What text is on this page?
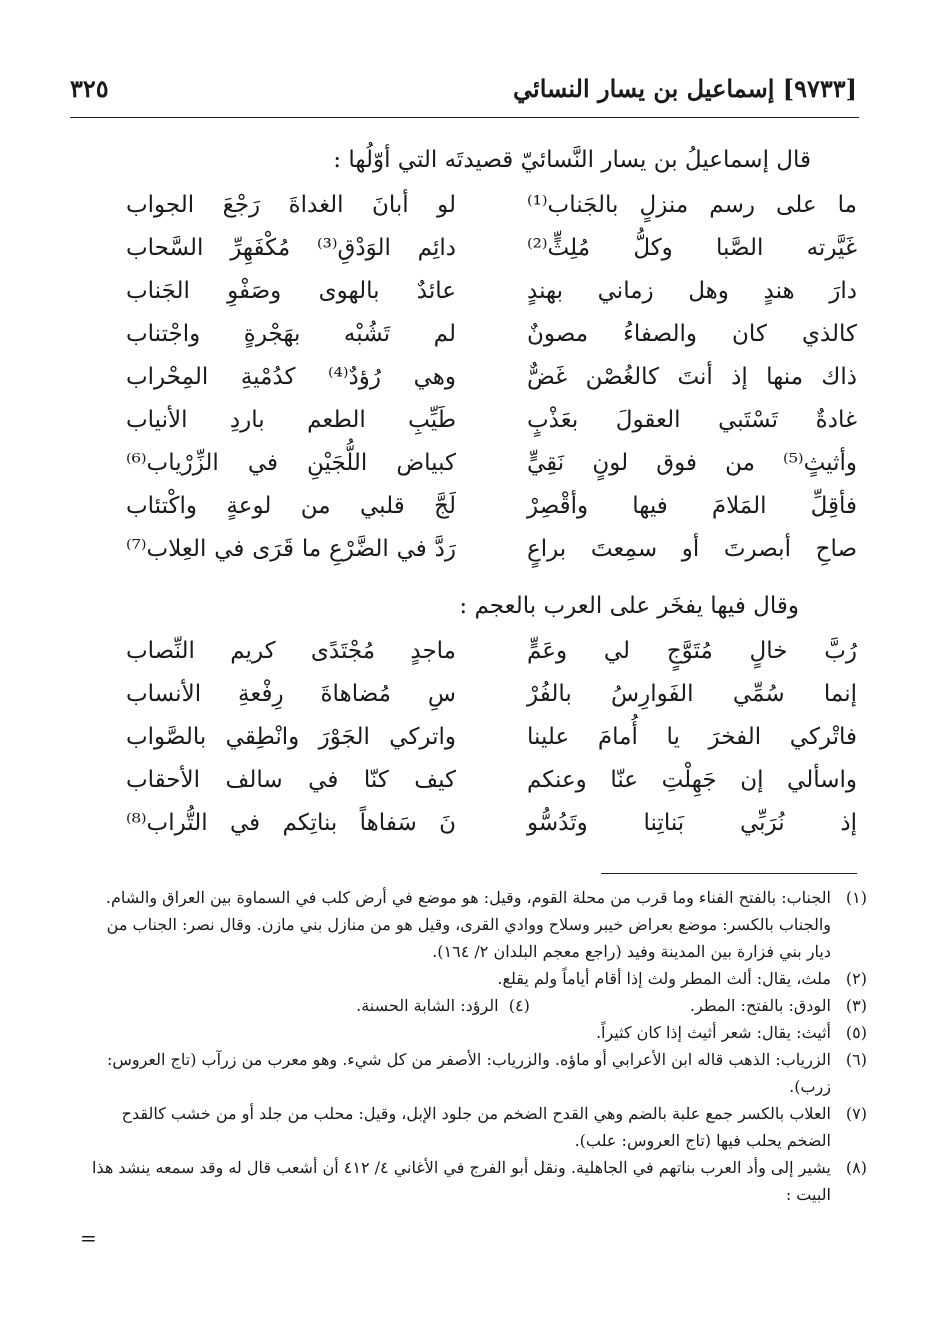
[٩٧٣٣] إسماعيل بن يسار النسائي
٣٢٥
قال إسماعيلُ بن يسار النَّسائيّ قصيدتَه التي أوّلُها :
ما على رسم منزلٍ بالجَناب⁽¹⁾
لو أبانَ الغداةَ رَجْعَ الجواب
غَيَّرته الصَّبا وكلُّ مُلِثٍّ⁽²⁾
دائِم الوَدْقِ⁽³⁾ مُكْفَهِرِّ السَّحاب
دارَ هندٍ وهل زماني بهندٍ
عائدٌ بالهوى وصَفْوِ الجَناب
كالذي كان والصفاءُ مصونٌ
لم تَشُبْه بهَجْرةٍ واجْتناب
ذاك منها إذ أنتَ كالغُصْن غَضٌّ
وهي رُؤدٌ⁽⁴⁾ كدُمْيةِ المِحْراب
غادةٌ تَسْتَبي العقولَ بعَذْبٍ
طَيِّبِ الطعم باردِ الأنياب
وأثيثٍ⁽⁵⁾ من فوق لونٍ نَقِيٍّ
كبياض اللُّجَيْنِ في الزِّرْياب⁽⁶⁾
فأقِلِّ المَلامَ فيها وأقْصِرْ
لَجَّ قلبي من لوعةٍ واكْتئاب
صاحِ أبصرتَ أو سمِعتَ براعٍ
رَدَّ في الضَّرْعِ ما قَرَى في العِلاب⁽⁷⁾
وقال فيها يفخَر على العرب بالعجم :
رُبَّ خالٍ مُتَوَّجٍ لي وعَمٍّ
ماجدٍ مُجْتَدًى كريم النِّصاب
إنما سُمِّي الفَوارِسُ بالفُرْ
سِ مُضاهاةَ رِفْعةِ الأنساب
فاتْركي الفخرَ يا أُمامَ علينا
واتركي الجَوْرَ وانْطِقي بالصَّواب
واسألي إن جَهِلْتِ عنّا وعنكم
كيف كنّا في سالف الأحقاب
إذ نُرَبِّي بَناتِنا وتَدُسُّو
نَ سَفاهاً بناتِكم في التُّراب⁽⁸⁾
(١)
الجناب: بالفتح الفناء وما قرب من محلة القوم، وقيل: هو موضع في أرض كلب في السماوة بين العراق والشام. والجناب بالكسر: موضع بعراض خيبر وسلاح ووادي القرى، وقيل هو من منازل بني مازن. وقال نصر: الجناب من ديار بني فزارة بين المدينة وفيد (راجع معجم البلدان ٢/ ١٦٤).
(٢)
ملث، يقال: ألث المطر ولث إذا أقام أياماً ولم يقلع.
(٣)
الودق: بالفتح: المطر.
(٤)

الرؤد: الشابة الحسنة.
(٥)
أثيث: يقال: شعر أثيث إذا كان كثيراً.
(٦)
الزرياب: الذهب قاله ابن الأعرابي أو ماؤه. والزرياب: الأصفر من كل شيء. وهو معرب من زرآب (تاج العروس: زرب).
(٧)
العلاب بالكسر جمع علبة بالضم وهي القدح الضخم من جلود الإبل، وقيل: محلب من جلد أو من خشب كالقدح الضخم يحلب فيها (تاج العروس: علب).
(٨)
يشير إلى وأد العرب بناتهم في الجاهلية. ونقل أبو الفرج في الأغاني ٤/ ٤١٢ أن أشعب قال له وقد سمعه ينشد هذا البيت :
=
